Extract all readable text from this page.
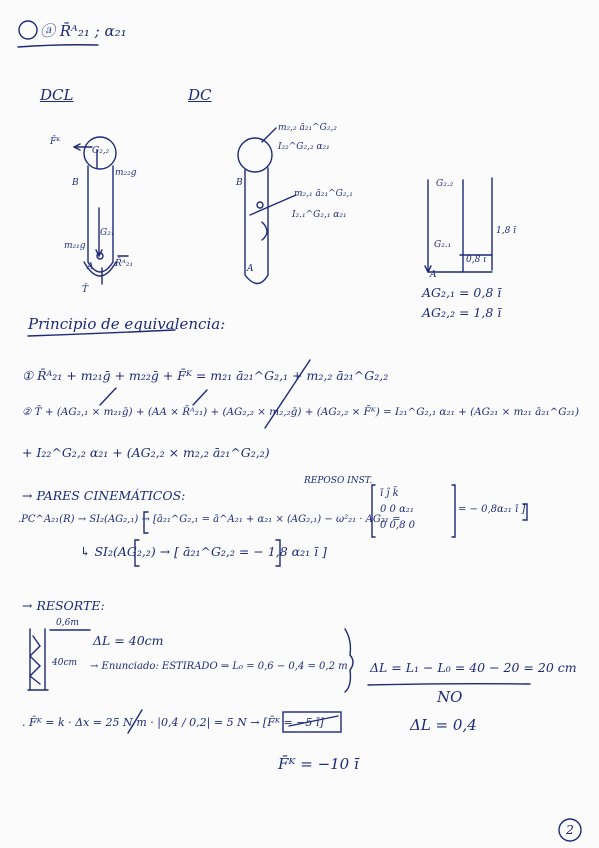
ⓐ R̄ᴬ₂₁ ; α₂₁
DCL	DC
F̄ᴷ
G₂,₂
B
m₂₂g
G₂₁
m₂₁g
A
T̄
R̄ᴬ₂₁
m₂,₂ ā₂₁^G₂,₂
I₂₂^G₂,₂ α₂₁
B
m₂,₁ ā₂₁^G₂,₁
I₂.₁^G₂,₁ α₂₁
A
G₂.₂
G₂.₁
1,8 ī
0,8 ī
A
AG₂,₁ = 0,8 ī
AG₂,₂ = 1,8 ī
Principio de equivalencia:
① R̄ᴬ₂₁ + m₂₁ḡ + m₂₂ḡ + F̄ᴷ = m₂₁ ā₂₁^G₂,₁ + m₂,₂ ā₂₁^G₂,₂
② T̄ + (AG₂,₁ × m₂₁ḡ) + (AA × R̄ᴬ₂₁) + (AG₂,₂ × m₂,₂ḡ) + (AG₂,₂ × F̄ᴷ) = I₂₁^G₂,₁ α₂₁ + (AG₂₁ × m₂₁ ā₂₁^G₂₁)
+ I₂₂^G₂,₂ α₂₁ + (AG₂,₂ × m₂,₂ ā₂₁^G₂,₂)
→ PARES CINEMÁTICOS:
REPOSO INST.
.PC^A₂₁(R) → SI₂(AG₂,₁) → [ā₂₁^G₂,₁ = ā^A₂₁ + α₂₁ × (AG₂,₁) − ω²₂₁ · AG₂₁ =
ī ĵ k̄
0 0 α₂₁
0 0,8 0
= − 0,8α₂₁ ī ]
↳ SI₂(AG₂,₂) → [ ā₂₁^G₂,₂ = − 1,8 α₂₁ ī ]
→ RESORTE:
0,6m
40cm
ΔL = 40cm
→ Enunciado: ESTIRADO ⇒ L₀ = 0,6 − 0,4 = 0,2 m ΔL = L₁ − L₀ = 40 − 20 = 20 cm
NO
ΔL = 0,4
. F̄ᴷ = k · Δx = 25 N/m · |0,4 / 0,2| = 5 N → [F̄ᴷ = −5 ī]
F̄ᴷ = −10 ī
2
